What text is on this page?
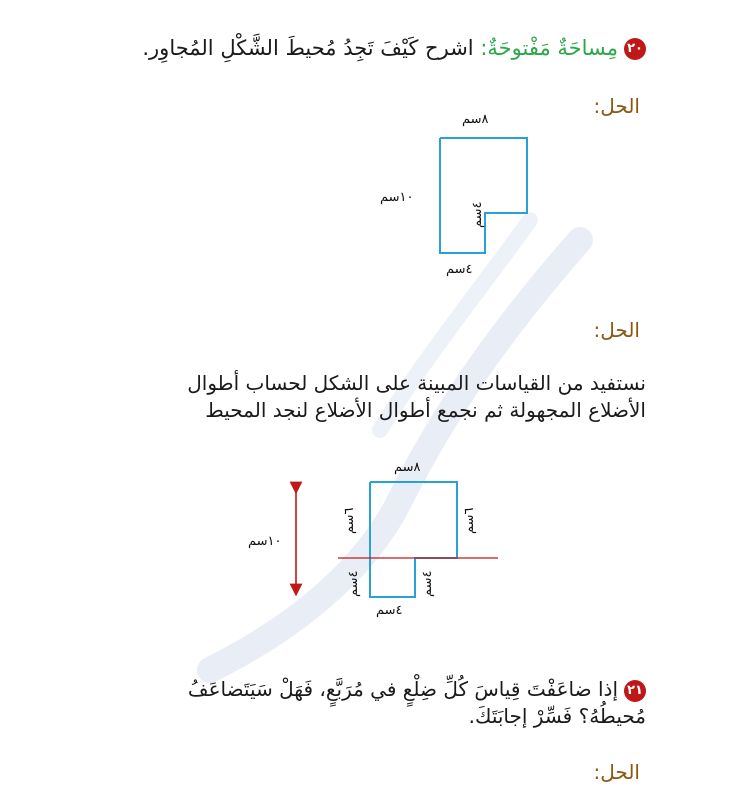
٢٠مِساحَةٌ مَفْتوحَةٌ: اشرح كَيْفَ تَجِدُ مُحيطَ الشَّكْلِ المُجاوِر.
الحل:
٨سم
١٠سم
٤سم
٤سم
الحل:
نستفيد من القياسات المبينة على الشكل لحساب أطوال الأضلاع المجهولة ثم نجمع أطوال الأضلاع لنجد المحيط
٨سم
١٠سم
٦سم
٦سم
٤سم
٤سم
٤سم
٢١إذا ضاعَفْتَ قِياسَ كُلِّ ضِلْعٍ في مُرَبَّعٍ، فَهَلْ سَيَتَضاعَفُ مُحيطُهُ؟ فَسِّرْ إجابَتَكَ.
الحل:
